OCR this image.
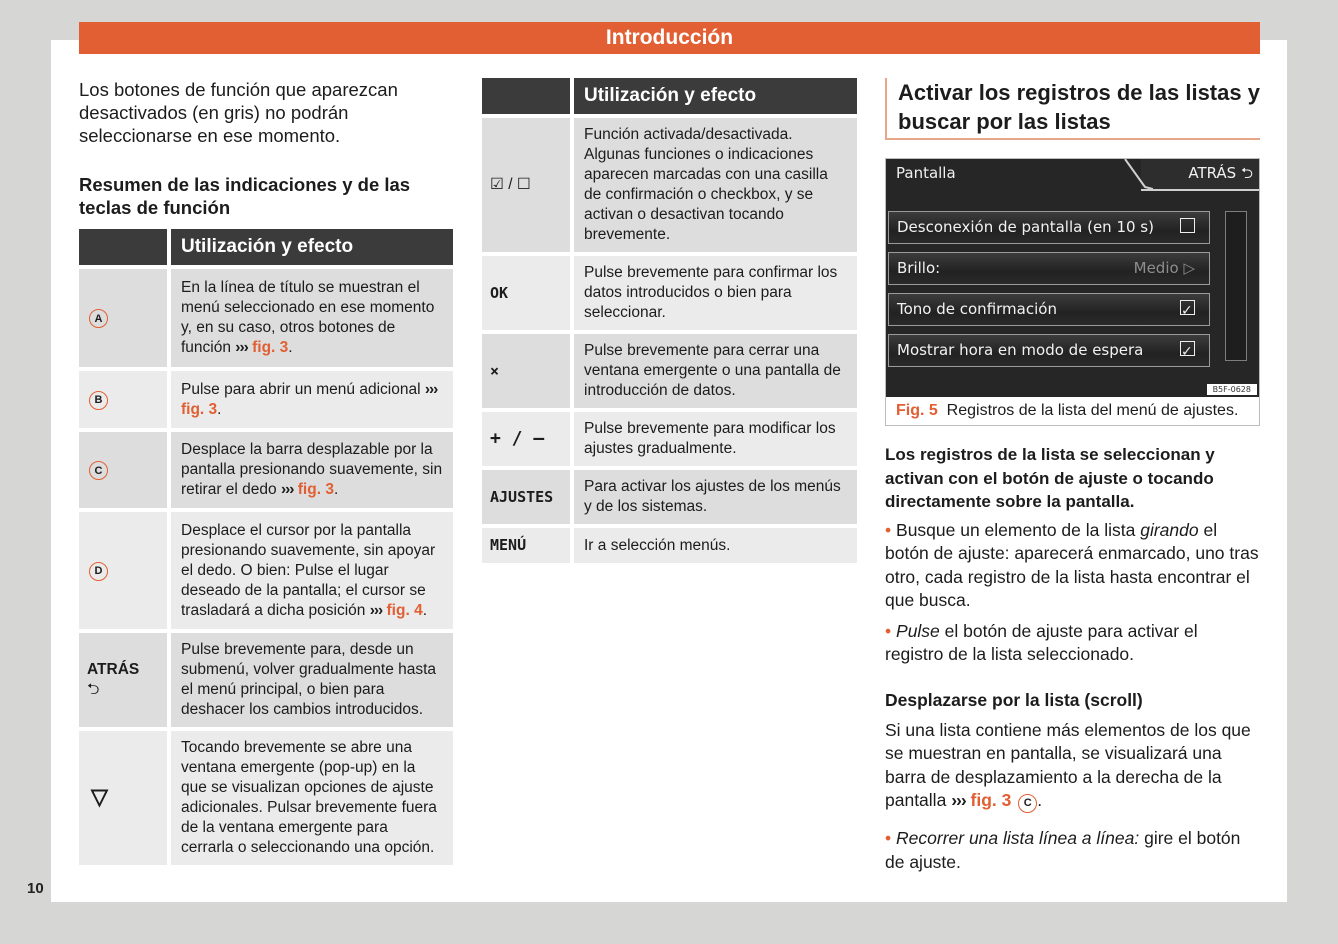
Introducción
10

Los botones de función que aparezcan desactivados (en gris) no podrán seleccionarse en ese momento.

Resumen de las indicaciones y de las teclas de función
	Utilización y efecto
A	En la línea de título se muestran el menú seleccionado en ese momento y, en su caso, otros botones de función ››› fig. 3.
B	Pulse para abrir un menú adicional ››› fig. 3.
C	Desplace la barra desplazable por la pantalla presionando suavemente, sin retirar el dedo ››› fig. 3.
D	Desplace el cursor por la pantalla presionando suavemente, sin apoyar el dedo. O bien: Pulse el lugar deseado de la pantalla; el cursor se trasladará a dicha posición ››› fig. 4.

ATRÁS
⮌	Pulse brevemente para, desde un submenú, volver gradualmente hasta el menú principal, o bien para deshacer los cambios introducidos.
▽	Tocando brevemente se abre una ventana emergente (pop-up) en la que se visualizan opciones de ajuste adicionales. Pulsar brevemente fuera de la ventana emergente para cerrarla o seleccionando una opción.
	Utilización y efecto
☑ / ☐	Función activada/desactivada. Algunas funciones o indicaciones aparecen marcadas con una casilla de confirmación o checkbox, y se activan o desactivan tocando brevemente.
OK	Pulse brevemente para confirmar los datos introducidos o bien para seleccionar.
×	Pulse brevemente para cerrar una ventana emergente o una pantalla de introducción de datos.
+ / –	Pulse brevemente para modificar los ajustes gradualmente.
AJUSTES	Para activar los ajustes de los menús y de los sistemas.
MENÚ	Ir a selección menús.
Activar los registros de las listas y buscar por las listas
Pantalla	ATRÁS ⮌
Desconexión de pantalla (en 10 s)
Brillo:	Medio ▷
Tono de confirmación
✓
Mostrar hora en modo de espera
✓
B5F-0628
Fig. 5 Registros de la lista del menú de ajustes.
Los registros de la lista se seleccionan y activan con el botón de ajuste o tocando directamente sobre la pantalla.

• Busque un elemento de la lista girando el botón de ajuste: aparecerá enmarcado, uno tras otro, cada registro de la lista hasta encontrar el que busca.

• Pulse el botón de ajuste para activar el registro de la lista seleccionado.

Desplazarse por la lista (scroll)

Si una lista contiene más elementos de los que se muestran en pantalla, se visualizará una barra de desplazamiento a la derecha de la pantalla ››› fig. 3 C .

• Recorrer una lista línea a línea: gire el botón de ajuste.
